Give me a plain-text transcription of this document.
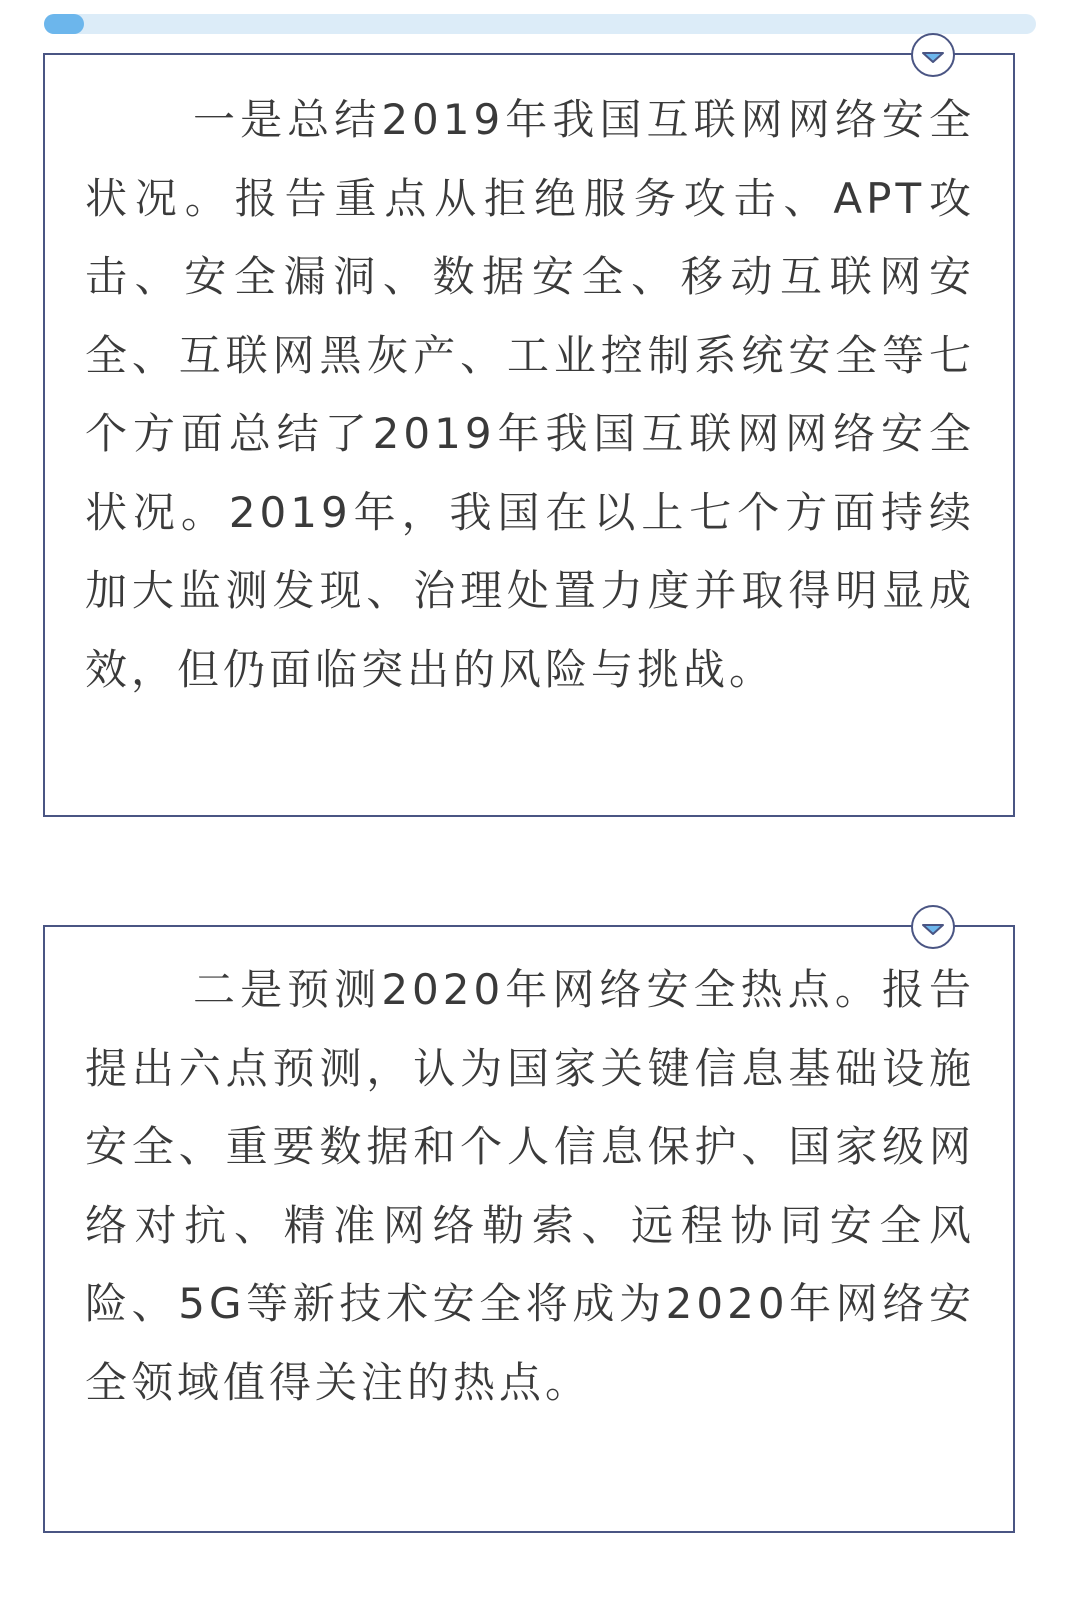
一是总结2019年我国互联网网络安全状况。报告重点从拒绝服务攻击、APT攻击、安全漏洞、数据安全、移动互联网安全、互联网黑灰产、工业控制系统安全等七个方面总结了2019年我国互联网网络安全状况。2019年，我国在以上七个方面持续加大监测发现、治理处置力度并取得明显成效，但仍面临突出的风险与挑战。

二是预测2020年网络安全热点。报告提出六点预测，认为国家关键信息基础设施安全、重要数据和个人信息保护、国家级网络对抗、精准网络勒索、远程协同安全风险、5G等新技术安全将成为2020年网络安全领域值得关注的热点。
